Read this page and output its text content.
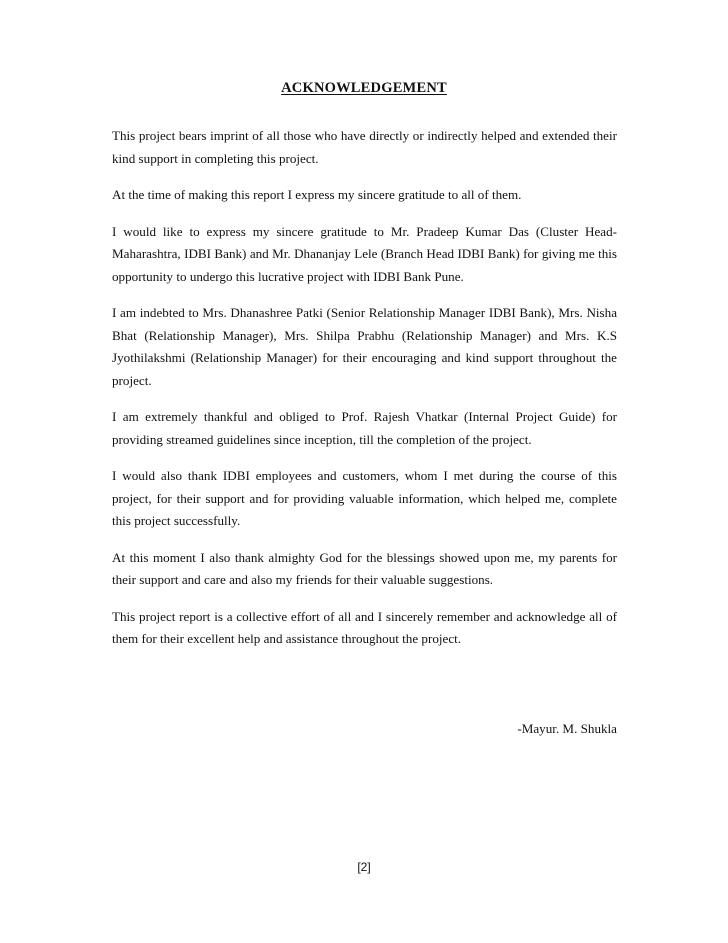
ACKNOWLEDGEMENT

This project bears imprint of all those who have directly or indirectly helped and extended their kind support in completing this project.

At the time of making this report I express my sincere gratitude to all of them.

I would like to express my sincere gratitude to Mr. Pradeep Kumar Das (Cluster Head-Maharashtra, IDBI Bank) and Mr. Dhananjay Lele (Branch Head IDBI Bank) for giving me this opportunity to undergo this lucrative project with IDBI Bank Pune.

I am indebted to Mrs. Dhanashree Patki (Senior Relationship Manager IDBI Bank), Mrs. Nisha Bhat (Relationship Manager), Mrs. Shilpa Prabhu (Relationship Manager) and Mrs. K.S Jyothilakshmi (Relationship Manager) for their encouraging and kind support throughout the project.

I am extremely thankful and obliged to Prof. Rajesh Vhatkar (Internal Project Guide) for providing streamed guidelines since inception, till the completion of the project.

I would also thank IDBI employees and customers, whom I met during the course of this project, for their support and for providing valuable information, which helped me, complete this project successfully.

At this moment I also thank almighty God for the blessings showed upon me, my parents for their support and care and also my friends for their valuable suggestions.

This project report is a collective effort of all and I sincerely remember and acknowledge all of them for their excellent help and assistance throughout the project.

-Mayur. M. Shukla
[2]
